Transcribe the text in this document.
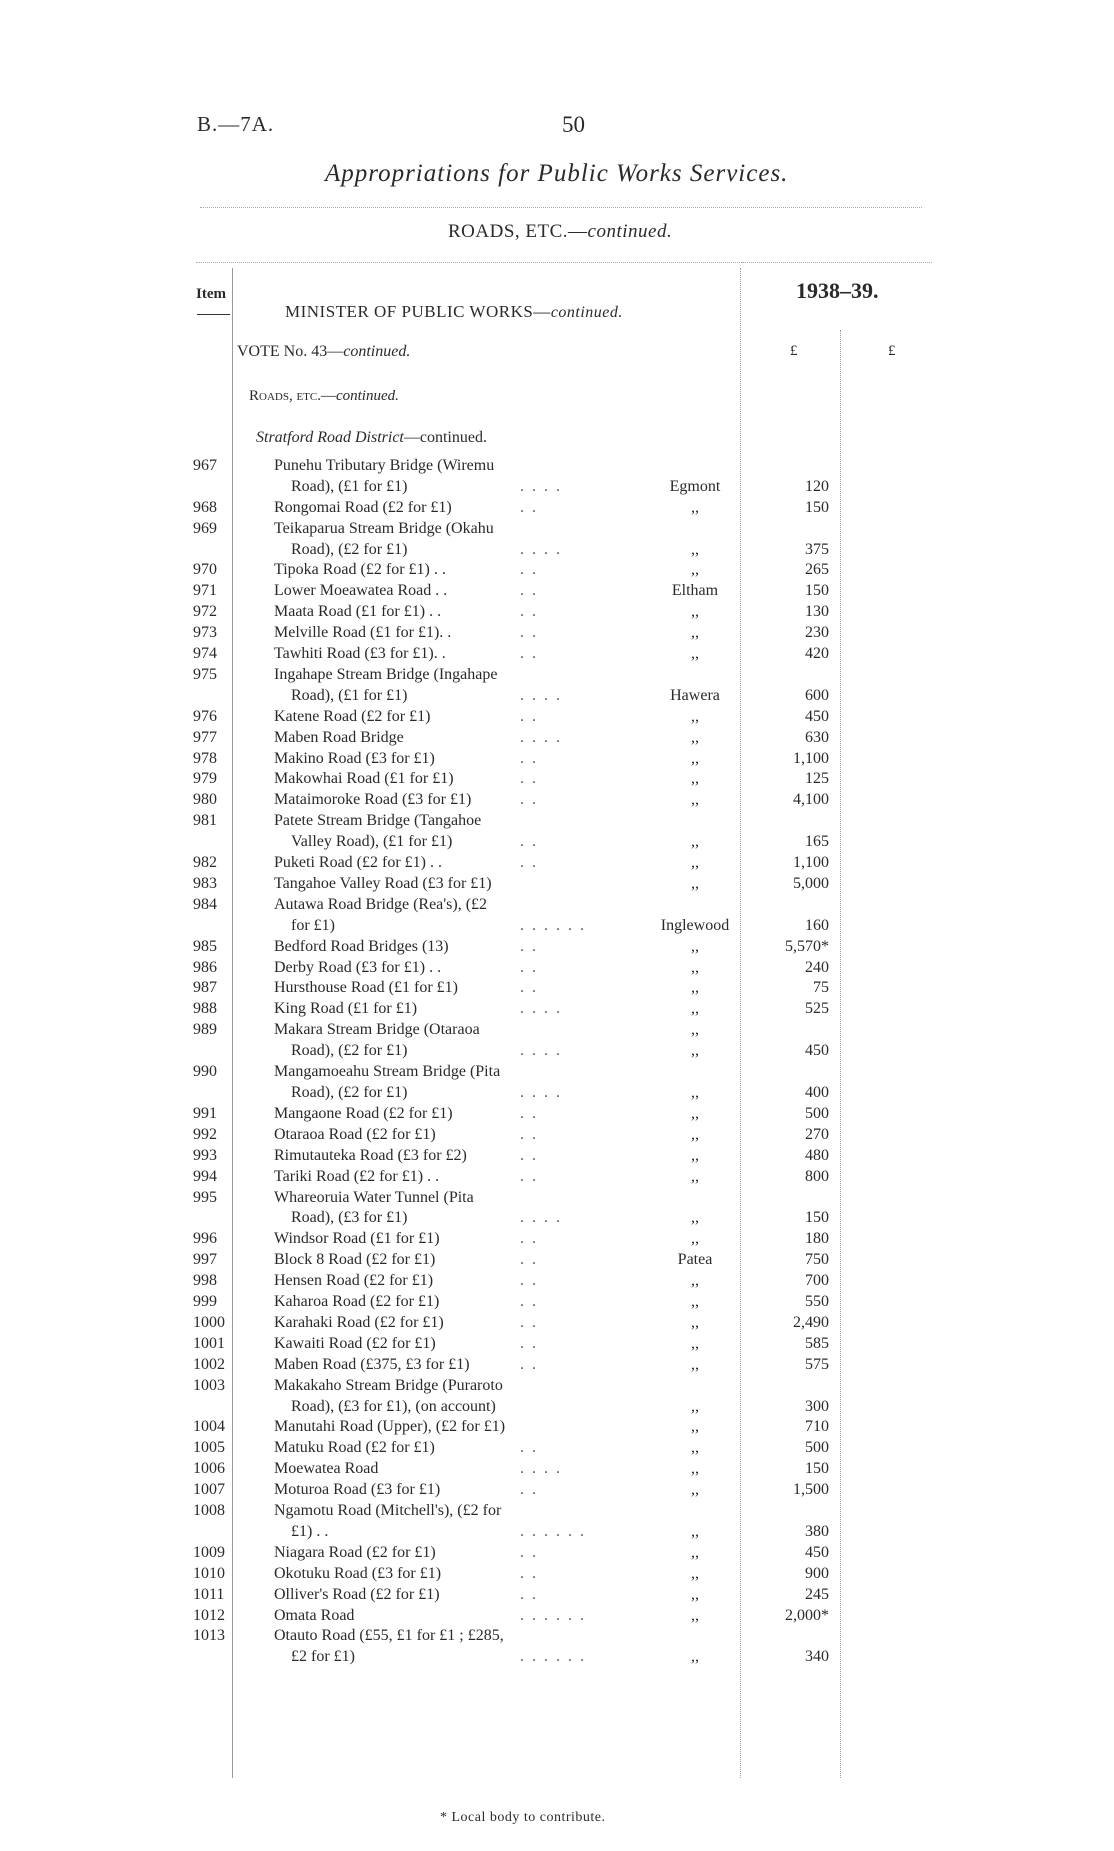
B.—7A.	50
Appropriations for Public Works Services.
ROADS, ETC.—continued.
Item
MINISTER OF PUBLIC WORKS—continued.
1938–39.
VOTE No. 43—continued.	£	£
Roads, etc.—continued.
Stratford Road District—continued.
967	Punehu Tributary Bridge (Wiremu
Road), (£1 for £1)	. . . .	Egmont	120
968	Rongomai Road (£2 for £1)	. .	,,	150
969	Teikaparua Stream Bridge (Okahu
Road), (£2 for £1)	. . . .	,,	375
970	Tipoka Road (£2 for £1) . .	. .	,,	265
971	Lower Moeawatea Road . .	. .	Eltham	150
972	Maata Road (£1 for £1) . .	. .	,,	130
973	Melville Road (£1 for £1). .	. .	,,	230
974	Tawhiti Road (£3 for £1). .	. .	,,	420
975	Ingahape Stream Bridge (Ingahape
Road), (£1 for £1)	. . . .	Hawera	600
976	Katene Road (£2 for £1)	. .	,,	450
977	Maben Road Bridge	. . . .	,,	630
978	Makino Road (£3 for £1)	. .	,,	1,100
979	Makowhai Road (£1 for £1)	. .	,,	125
980	Mataimoroke Road (£3 for £1)	. .	,,	4,100
981	Patete Stream Bridge (Tangahoe
Valley Road), (£1 for £1)	. .	,,	165
982	Puketi Road (£2 for £1) . .	. .	,,	1,100
983	Tangahoe Valley Road (£3 for £1)	,,	5,000
984	Autawa Road Bridge (Rea's), (£2
for £1)	. . . . . .	Inglewood	160
985	Bedford Road Bridges (13)	. .	,,	5,570*
986	Derby Road (£3 for £1) . .	. .	,,	240
987	Hursthouse Road (£1 for £1)	. .	,,	75
988	King Road (£1 for £1)	. . . .	,,	525
989	Makara Stream Bridge (Otaraoa	,,
Road), (£2 for £1)	. . . .	,,	450
990	Mangamoeahu Stream Bridge (Pita
Road), (£2 for £1)	. . . .	,,	400
991	Mangaone Road (£2 for £1)	. .	,,	500
992	Otaraoa Road (£2 for £1)	. .	,,	270
993	Rimutauteka Road (£3 for £2)	. .	,,	480
994	Tariki Road (£2 for £1) . .	. .	,,	800
995	Whareoruia Water Tunnel (Pita
Road), (£3 for £1)	. . . .	,,	150
996	Windsor Road (£1 for £1)	. .	,,	180
997	Block 8 Road (£2 for £1)	. .	Patea	750
998	Hensen Road (£2 for £1)	. .	,,	700
999	Kaharoa Road (£2 for £1)	. .	,,	550
1000	Karahaki Road (£2 for £1)	. .	,,	2,490
1001	Kawaiti Road (£2 for £1)	. .	,,	585
1002	Maben Road (£375, £3 for £1)	. .	,,	575
1003	Makakaho Stream Bridge (Puraroto
Road), (£3 for £1), (on account)	,,	300
1004	Manutahi Road (Upper), (£2 for £1)	,,	710
1005	Matuku Road (£2 for £1)	. .	,,	500
1006	Moewatea Road	. . . .	,,	150
1007	Moturoa Road (£3 for £1)	. .	,,	1,500
1008	Ngamotu Road (Mitchell's), (£2 for
£1) . .	. . . . . .	,,	380
1009	Niagara Road (£2 for £1)	. .	,,	450
1010	Okotuku Road (£3 for £1)	. .	,,	900
1011	Olliver's Road (£2 for £1)	. .	,,	245
1012	Omata Road	. . . . . .	,,	2,000*
1013	Otauto Road (£55, £1 for £1 ; £285,
£2 for £1)	. . . . . .	,,	340
* Local body to contribute.
